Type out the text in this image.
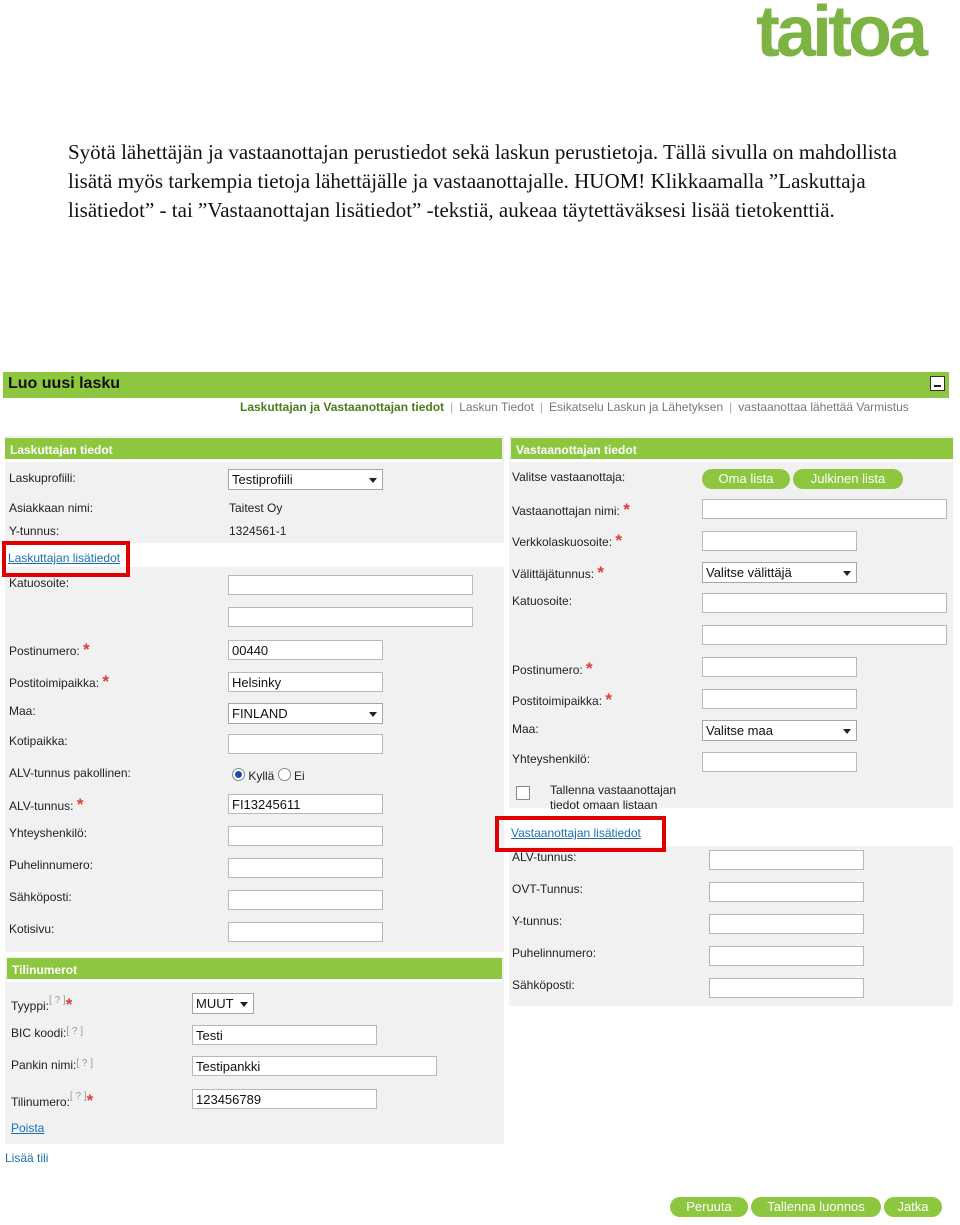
taitoa
Syötä lähettäjän ja vastaanottajan perustiedot sekä laskun perustietoja. Tällä sivulla on mahdollista lisätä myös tarkempia tietoja lähettäjälle ja vastaanottajalle. HUOM! Klikkaamalla ”Laskuttaja lisätiedot” - tai ”Vastaanottajan lisätiedot” -tekstiä, aukeaa täytettäväksesi lisää tietokenttiä.
Luo uusi lasku
Laskuttajan ja Vastaanottajan tiedot | Laskun Tiedot | Esikatselu Laskun ja Lähetyksen | vastaanottaa lähettää Varmistus
Laskuttajan tiedot
Laskuprofiili:	Testiprofiili
Asiakkaan nimi:	Taitest Oy
Y-tunnus:	1324561-1
Laskuttajan lisätiedot
Katuosoite:
Postinumero: *	00440
Postitoimipaikka: *	Helsinky
Maa:	FINLAND
Kotipaikka:
ALV-tunnus pakollinen:	Kyllä Ei
ALV-tunnus: *	FI13245611
Yhteyshenkilö:
Puhelinnumero:
Sähköposti:
Kotisivu:
Tilinumerot
Tyyppi:[ ? ]*	MUUT
BIC koodi:[ ? ]	Testi
Pankin nimi:[ ? ]	Testipankki
Tilinumero:[ ? ]*	123456789
Poista
Lisää tili
Vastaanottajan tiedot
Valitse vastaanottaja:	Oma lista	Julkinen lista
Vastaanottajan nimi: *
Verkkolaskuosoite: *
Välittäjätunnus: *	Valitse välittäjä
Katuosoite:
Postinumero: *
Postitoimipaikka: *
Maa:	Valitse maa
Yhteyshenkilö:
Tallenna vastaanottajan
tiedot omaan listaan
Vastaanottajan lisätiedot
ALV-tunnus:
OVT-Tunnus:
Y-tunnus:
Puhelinnumero:
Sähköposti:
Peruuta	Tallenna luonnos	Jatka
